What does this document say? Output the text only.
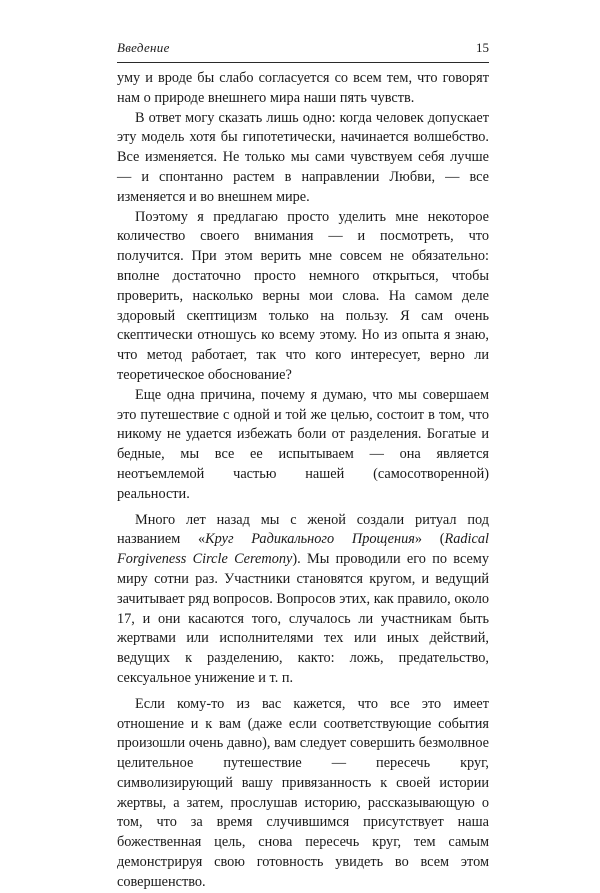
Введение	15

уму и вроде бы слабо согласуется со всем тем, что говорят нам о природе внешнего мира наши пять чувств.

В ответ могу сказать лишь одно: когда человек допускает эту модель хотя бы гипотетически, начинается волшебство. Все изменяется. Не только мы сами чувствуем себя лучше — и спонтанно растем в направлении Любви, — все изменяется и во внешнем мире.

Поэтому я предлагаю просто уделить мне некоторое количество своего внимания — и посмотреть, что получится. При этом верить мне совсем не обязательно: вполне достаточно просто немного открыться, чтобы проверить, насколько верны мои слова. На самом деле здоровый скептицизм только на пользу. Я сам очень скептически отношусь ко всему этому. Но из опыта я знаю, что метод работает, так что кого интересует, верно ли теоретическое обоснование?

Еще одна причина, почему я думаю, что мы совершаем это путешествие с одной и той же целью, состоит в том, что никому не удается избежать боли от разделения. Богатые и бедные, мы все ее испытываем — она является неотъемлемой частью нашей (самосотворенной) реальности.

Много лет назад мы с женой создали ритуал под названием «Круг Радикального Прощения» (Radical Forgiveness Circle Ceremony). Мы проводили его по всему миру сотни раз. Участники становятся кругом, и ведущий зачитывает ряд вопросов. Вопросов этих, как правило, около 17, и они касаются того, случалось ли участникам быть жертвами или исполнителями тех или иных действий, ведущих к разделению, както: ложь, предательство, сексуальное унижение и т. п.

Если кому-то из вас кажется, что все это имеет отношение и к вам (даже если соответствующие события произошли очень давно), вам следует совершить безмолвное целительное путешествие — пересечь круг, символизирующий вашу привязанность к своей истории жертвы, а затем, прослушав историю, рассказывающую о том, что за время случившимся присутствует наша божественная цель, снова пересечь круг, тем самым демонстрируя свою готовность увидеть во всем этом совершенство.
